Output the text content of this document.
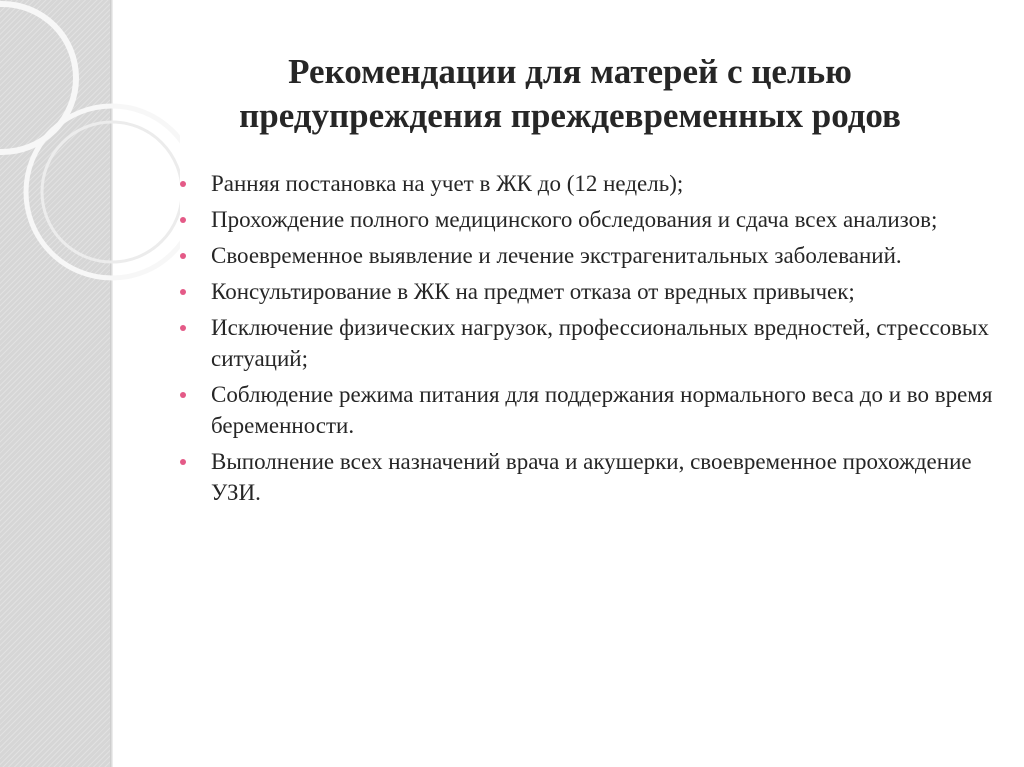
Рекомендации для матерей с целью
предупреждения преждевременных родов
Ранняя постановка на учет в ЖК до (12 недель);
Прохождение полного медицинского обследования и сдача всех анализов;
Своевременное выявление и лечение экстрагенитальных заболеваний.
Консультирование в ЖК на предмет отказа от вредных привычек;
Исключение физических нагрузок, профессиональных вредностей, стрессовых ситуаций;
Соблюдение режима питания для поддержания нормального веса до и во время беременности.
Выполнение всех назначений врача и акушерки, своевременное прохождение УЗИ.
